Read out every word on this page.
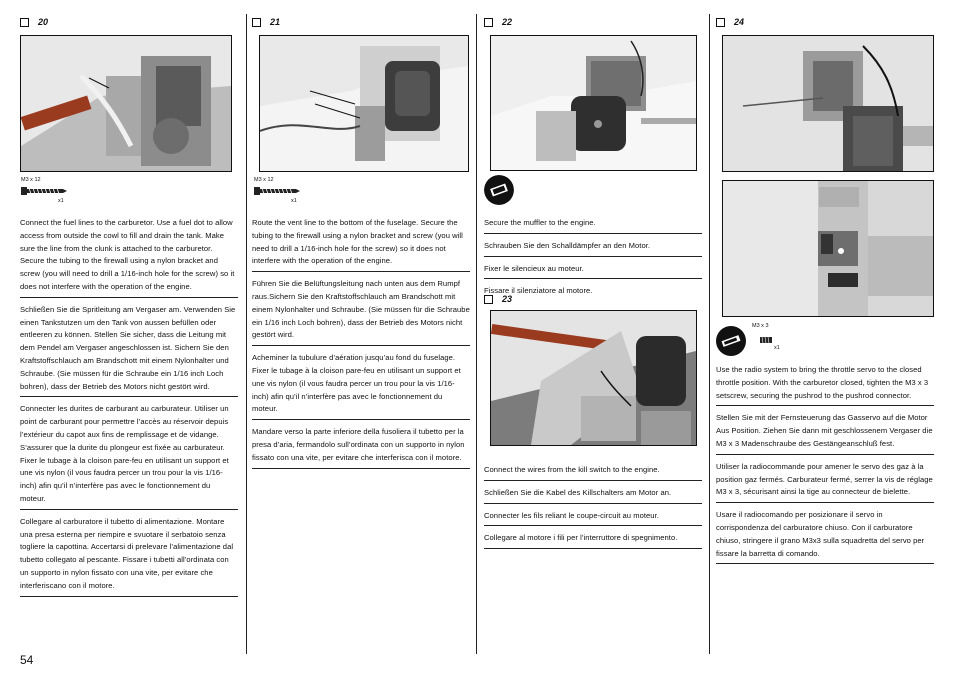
20
M3 x 12
x1

Connect the fuel lines to the carburetor. Use a fuel dot to allow access from outside the cowl to fill and drain the tank. Make sure the line from the clunk is attached to the carburetor. Secure the tubing to the firewall using a nylon bracket and screw (you will need to drill a 1/16-inch hole for the screw) so it does not interfere with the operation of the engine.

Schließen Sie die Spritleitung am Vergaser am. Verwenden Sie einen Tankstutzen um den Tank von aussen befüllen oder entleeren zu können. Stellen Sie sicher, dass die Leitung mit dem Pendel am Vergaser angeschlossen ist. Sichern Sie den Kraftstoffschlauch am Brandschott mit einem Nylonhalter und Schraube. (Sie müssen für die Schraube ein 1/16 inch Loch bohren), dass der Betrieb des Motors nicht gestört wird.

Connecter les durites de carburant au carburateur. Utiliser un point de carburant pour permettre l’accès au réservoir depuis l’extérieur du capot aux fins de remplissage et de vidange. S’assurer que la durite du plongeur est fixée au carburateur. Fixer le tubage à la cloison pare-feu en utilisant un support et une vis nylon (il vous faudra percer un trou pour la vis 1/16-inch) afin qu’il n’interfère pas avec le fonctionnement du moteur.

Collegare al carburatore il tubetto di alimentazione. Montare una presa esterna per riempire e svuotare il serbatoio senza togliere la capottina. Accertarsi di prelevare l’alimentazione dal tubetto collegato al pescante. Fissare i tubetti all’ordinata con un supporto in nylon fissato con una vite, per evitare che interferiscano con il motore.

21
M3 x 12
x1

Route the vent line to the bottom of the fuselage. Secure the tubing to the firewall using a nylon bracket and screw (you will need to drill a 1/16-inch hole for the screw) so it does not interfere with the operation of the engine.

Führen Sie die Belüftungsleitung nach unten aus dem Rumpf raus.Sichern Sie den Kraftstoffschlauch am Brandschott mit einem Nylonhalter und Schraube. (Sie müssen für die Schraube ein 1/16 inch Loch bohren), dass der Betrieb des Motors nicht gestört wird.

Acheminer la tubulure d’aération jusqu’au fond du fuselage. Fixer le tubage à la cloison pare-feu en utilisant un support et une vis nylon (il vous faudra percer un trou pour la vis 1/16-inch) afin qu’il n’interfère pas avec le fonctionnement du moteur.

Mandare verso la parte inferiore della fusoliera il tubetto per la presa d’aria, fermandolo sull’ordinata con un supporto in nylon fissato con una vite, per evitare che interferisca con il motore.

22

Secure the muffler to the engine.

Schrauben Sie den Schalldämpfer an den Motor.

Fixer le silencieux au moteur.

Fissare il silenziatore al motore.

23

Connect the wires from the kill switch to the engine.

Schließen Sie die Kabel des Killschalters am Motor an.

Connecter les fils reliant le coupe-circuit au moteur.

Collegare al motore i fili per l’interruttore di spegnimento.

24
M3 x 3
x1

Use the radio system to bring the throttle servo to the closed throttle position. With the carburetor closed, tighten the M3 x 3 setscrew, securing the pushrod to the pushrod connector.

Stellen Sie mit der Fernsteuerung das Gasservo auf die Motor Aus Position. Ziehen Sie dann mit geschlossenem Vergaser die M3 x 3 Madenschraube des Gestängeanschluß fest.

Utiliser la radiocommande pour amener le servo des gaz à la position gaz fermés. Carburateur fermé, serrer la vis de réglage M3 x 3, sécurisant ainsi la tige au connecteur de bielette.

Usare il radiocomando per posizionare il servo in corrispondenza del carburatore chiuso. Con il carburatore chiuso, stringere il grano M3x3 sulla squadretta del servo per fissare la barretta di comando.

54
